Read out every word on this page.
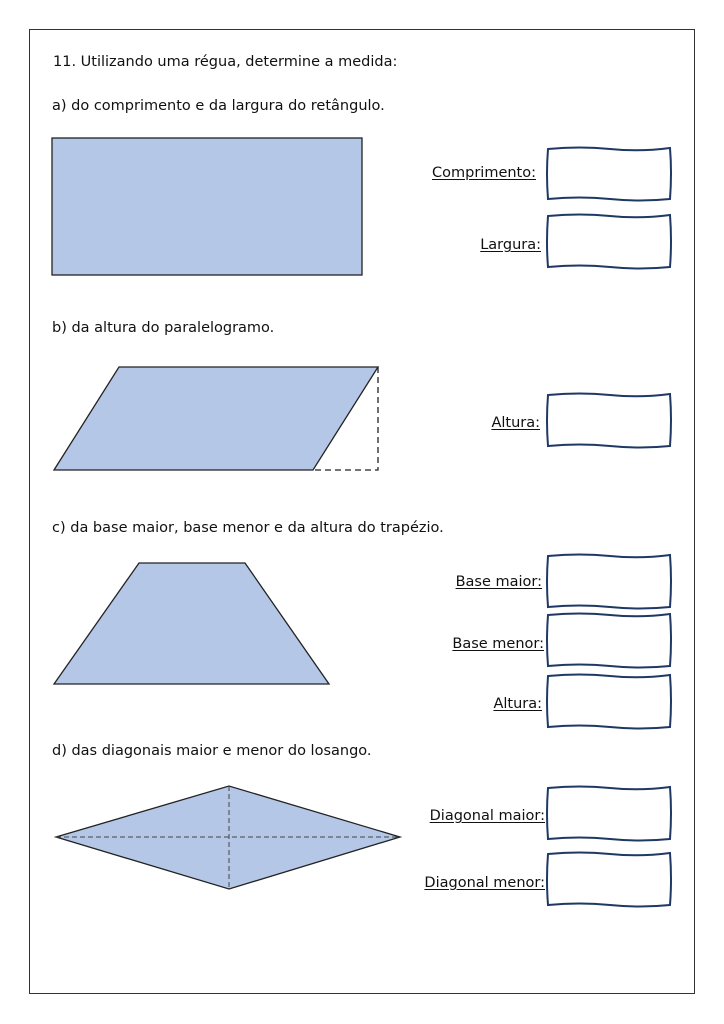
11. Utilizando uma régua, determine a medida:
a) do comprimento e da largura do retângulo.
Comprimento:
Largura:
b) da altura do paralelogramo.
Altura:
c) da base maior, base menor e da altura do trapézio.
Base maior:
Base menor:
Altura:
d) das diagonais maior e menor do losango.
Diagonal maior:
Diagonal menor:
